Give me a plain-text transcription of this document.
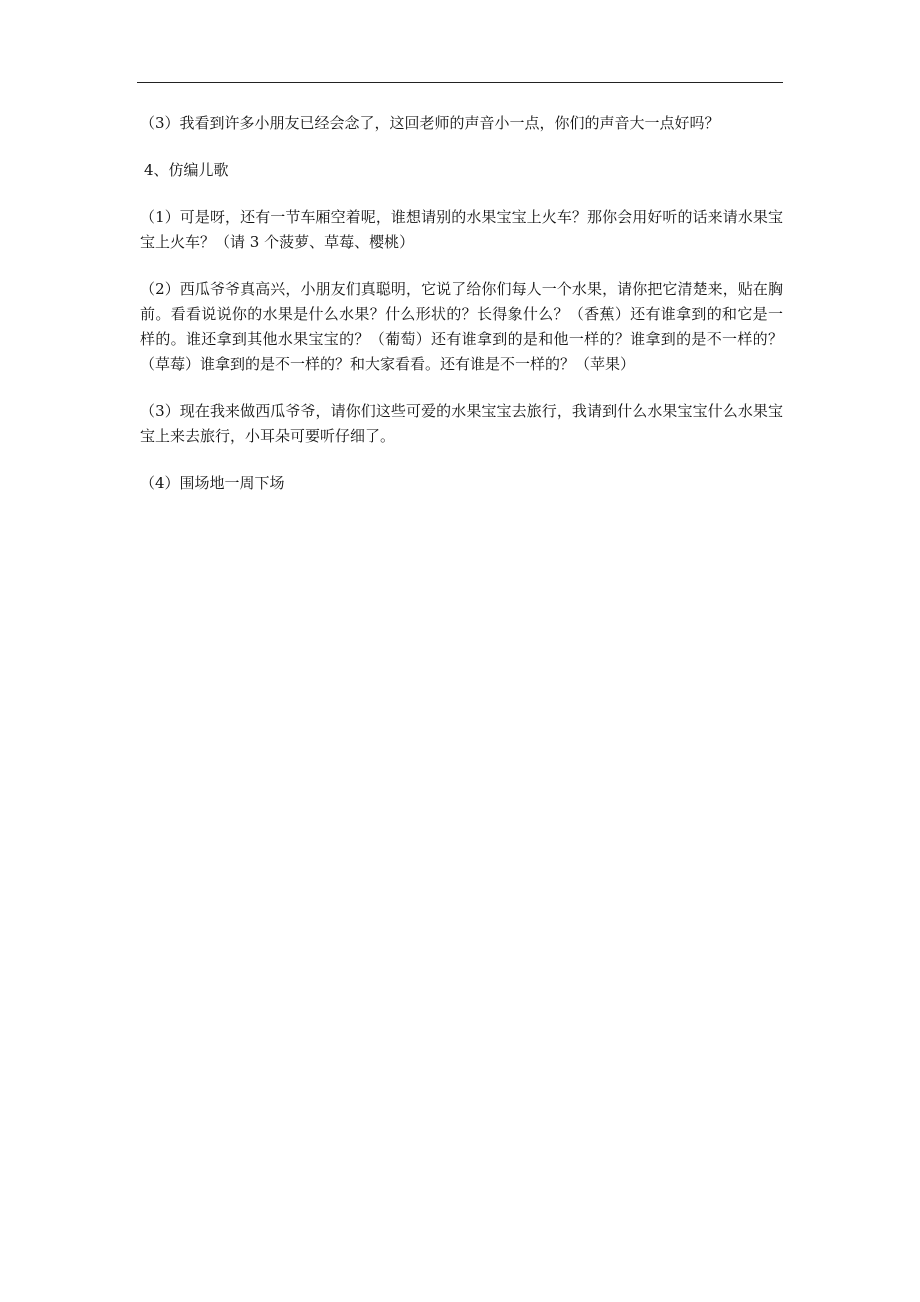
（3）我看到许多小朋友已经会念了，这回老师的声音小一点，你们的声音大一点好吗？

4、仿编儿歌

（1）可是呀，还有一节车厢空着呢，谁想请别的水果宝宝上火车？那你会用好听的话来请水果宝宝上火车？（请 3 个菠萝、草莓、樱桃）

（2）西瓜爷爷真高兴，小朋友们真聪明，它说了给你们每人一个水果，请你把它清楚来，贴在胸前。看看说说你的水果是什么水果？什么形状的？长得象什么？（香蕉）还有谁拿到的和它是一样的。谁还拿到其他水果宝宝的？（葡萄）还有谁拿到的是和他一样的？谁拿到的是不一样的？（草莓）谁拿到的是不一样的？和大家看看。还有谁是不一样的？（苹果）

（3）现在我来做西瓜爷爷，请你们这些可爱的水果宝宝去旅行，我请到什么水果宝宝什么水果宝宝上来去旅行，小耳朵可要听仔细了。

（4）围场地一周下场
